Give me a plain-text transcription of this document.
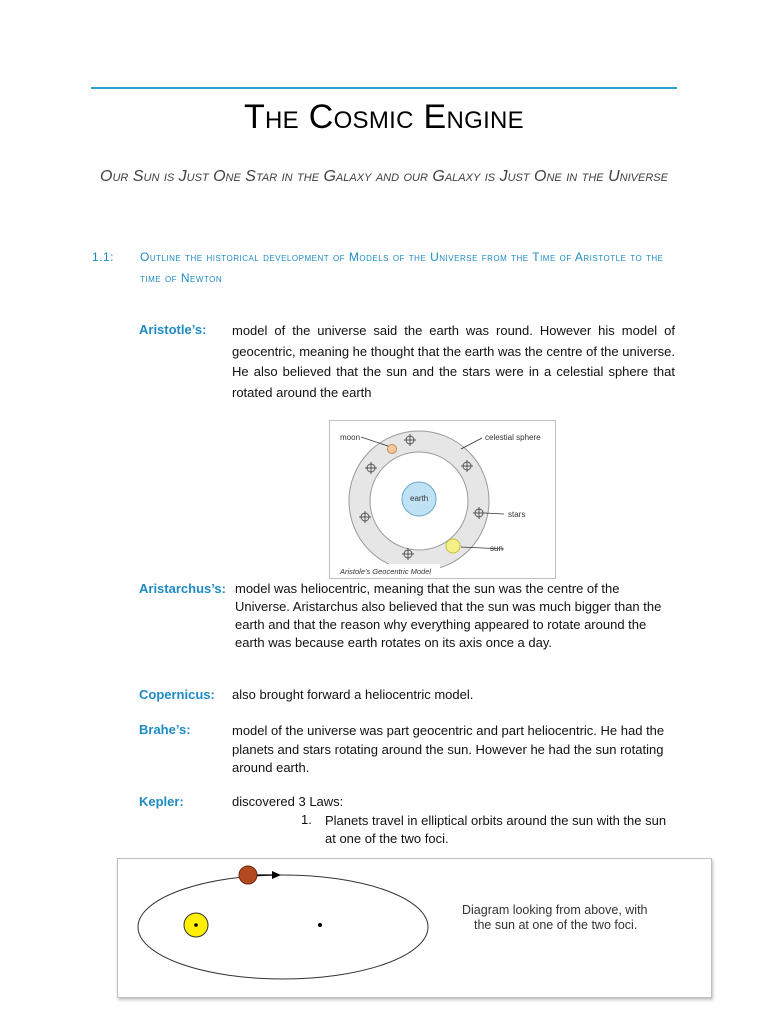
The Cosmic Engine
Our Sun is Just One Star in the Galaxy and our Galaxy is Just One in the Universe
1.1: Outline the historical development of Models of the Universe from the Time of Aristotle to the time of Newton
Aristotle’s: model of the universe said the earth was round. However his model of geocentric, meaning he thought that the earth was the centre of the universe. He also believed that the sun and the stars were in a celestial sphere that rotated around the earth
moon	celestial sphere
earth
stars
sun
Aristole's Geocentric Model
Aristarchus’s: model was heliocentric, meaning that the sun was the centre of the Universe. Aristarchus also believed that the sun was much bigger than the earth and that the reason why everything appeared to rotate around the earth was because earth rotates on its axis once a day.
Copernicus: also brought forward a heliocentric model.
Brahe’s:	model of the universe was part geocentric and part heliocentric. He had the planets and stars rotating around the sun. However he had the sun rotating around earth.
Kepler:	discovered 3 Laws:
1. Planets travel in elliptical orbits around the sun with the sun at one of the two foci.
Diagram looking from above, with
the sun at one of the two foci.
